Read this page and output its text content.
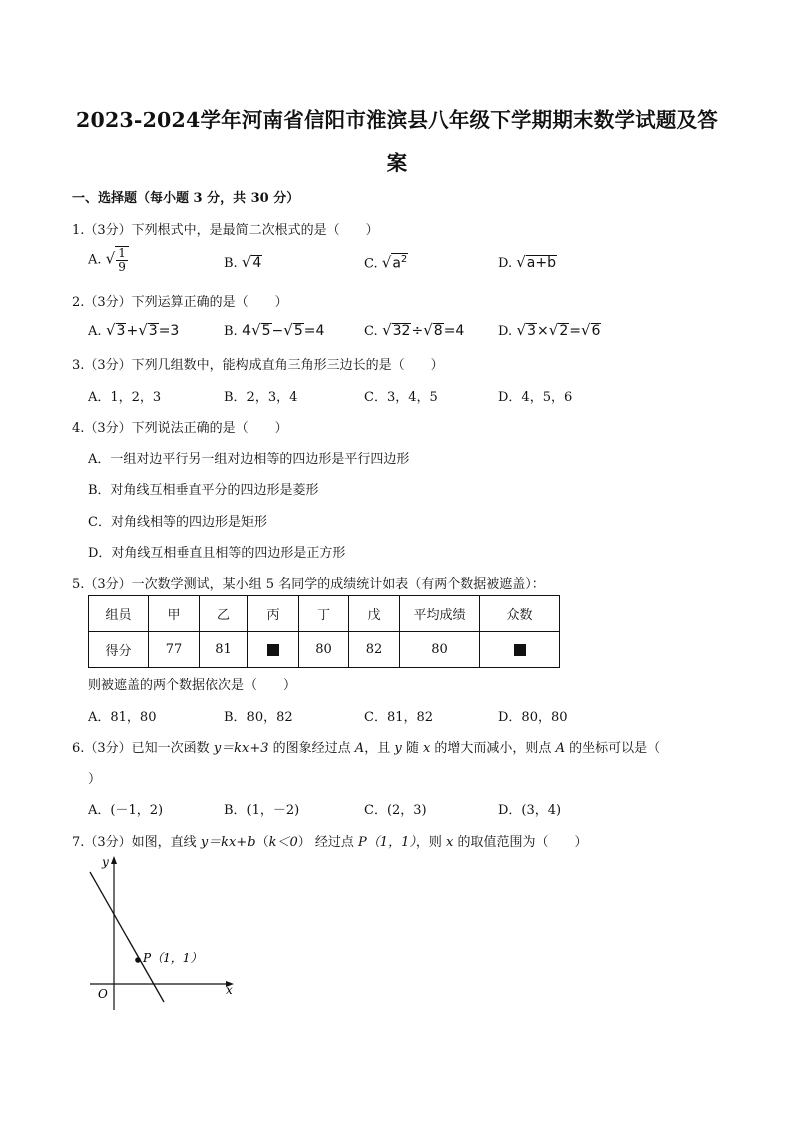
2023-2024学年河南省信阳市淮滨县八年级下学期期末数学试题及答
案
一、选择题（每小题 3 分，共 30 分）
1.（3分）下列根式中，是最简二次根式的是（　　）
A. √ $\frac{1}{9}$	B. √4	C. $√a^2$	D. √a+b
2.（3分）下列运算正确的是（　　）
A. √3+√3=3	B. 4√5−√5=4	C. √32÷√8=4	D. √3×√2=√6
3.（3分）下列几组数中，能构成直角三角形三边长的是（　　）
A．1，2，3	B．2，3，4	C．3，4，5	D．4，5，6
4.（3分）下列说法正确的是（　　）
A．一组对边平行另一组对边相等的四边形是平行四边形
B．对角线互相垂直平分的四边形是菱形
C．对角线相等的四边形是矩形
D．对角线互相垂直且相等的四边形是正方形
5.（3分）一次数学测试，某小组 5 名同学的成绩统计如表（有两个数据被遮盖）：
组员	甲	乙	丙	丁	戊	平均成绩	众数
得分	77	81		80	82	80	
则被遮盖的两个数据依次是（　　）
A．81，80	B．80，82	C．81，82	D．80，80
6.（3分）已知一次函数 y＝kx+3 的图象经过点 A，且 y 随 x 的增大而减小，则点 A 的坐标可以是（
）
A．(－1，2)	B．(1，－2)	C．(2，3)	D．(3，4)
7.（3分）如图，直线 y＝kx+b（k＜0） 经过点 P（1，1），则 x 的取值范围为（　　）
y
x
O
P（1，1）
